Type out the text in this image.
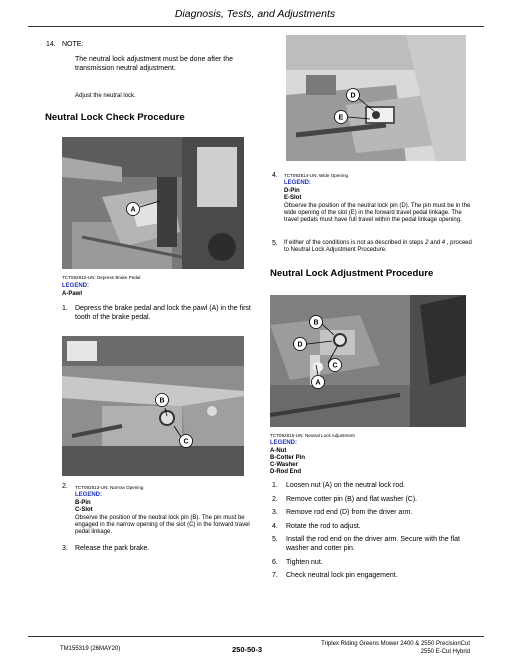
Diagnosis, Tests, and Adjustments
14. NOTE:
The neutral lock adjustment must be done after the transmission neutral adjustment.
Adjust the neutral lock.
Neutral Lock Check Procedure
A
TCT092812-UN: Depress Brake Pedal
LEGEND:
A-Pawl
1. Depress the brake pedal and lock the pawl (A) in the first tooth of the brake pedal.
B
C
2. TCT092813-UN: Narrow Opening
LEGEND:
B-Pin
C-Slot
Observe the position of the neutral lock pin (B). The pin must be engaged in the narrow opening of the slot (C) in the forward travel pedal linkage.
3. Release the park brake.
D
E
4. TCT092814-UN: Wide Opening
LEGEND:
D-Pin
E-Slot
Observe the position of the neutral lock pin (D). The pin must be in the wide opening of the slot (E) in the forward travel pedal linkage. The travel pedals must have full travel within the pedal linkage opening.
5. If either of the conditions is not as described in steps 2 and 4 , proceed to Neutral Lock Adjustment Procedure.
Neutral Lock Adjustment Procedure
B
D
C
A
TCT092815-UN: Neutral Lock Adjustment
LEGEND:
A-Nut
B-Cotter Pin
C-Washer
D-Rod End
1. Loosen nut (A) on the neutral lock rod.
2. Remove cotter pin (B) and flat washer (C).
3. Remove rod end (D) from the driver arm.
4. Rotate the rod to adjust.
5. Install the rod end on the driver arm. Secure with the flat washer and cotter pin.
6. Tighten nut.
7. Check neutral lock pin engagement.
TM155319 (26MAY20)	250-50-3
Triplex Riding Greens Mower 2400 & 2550 PrecisionCut
2550 E-Cut Hybrid
